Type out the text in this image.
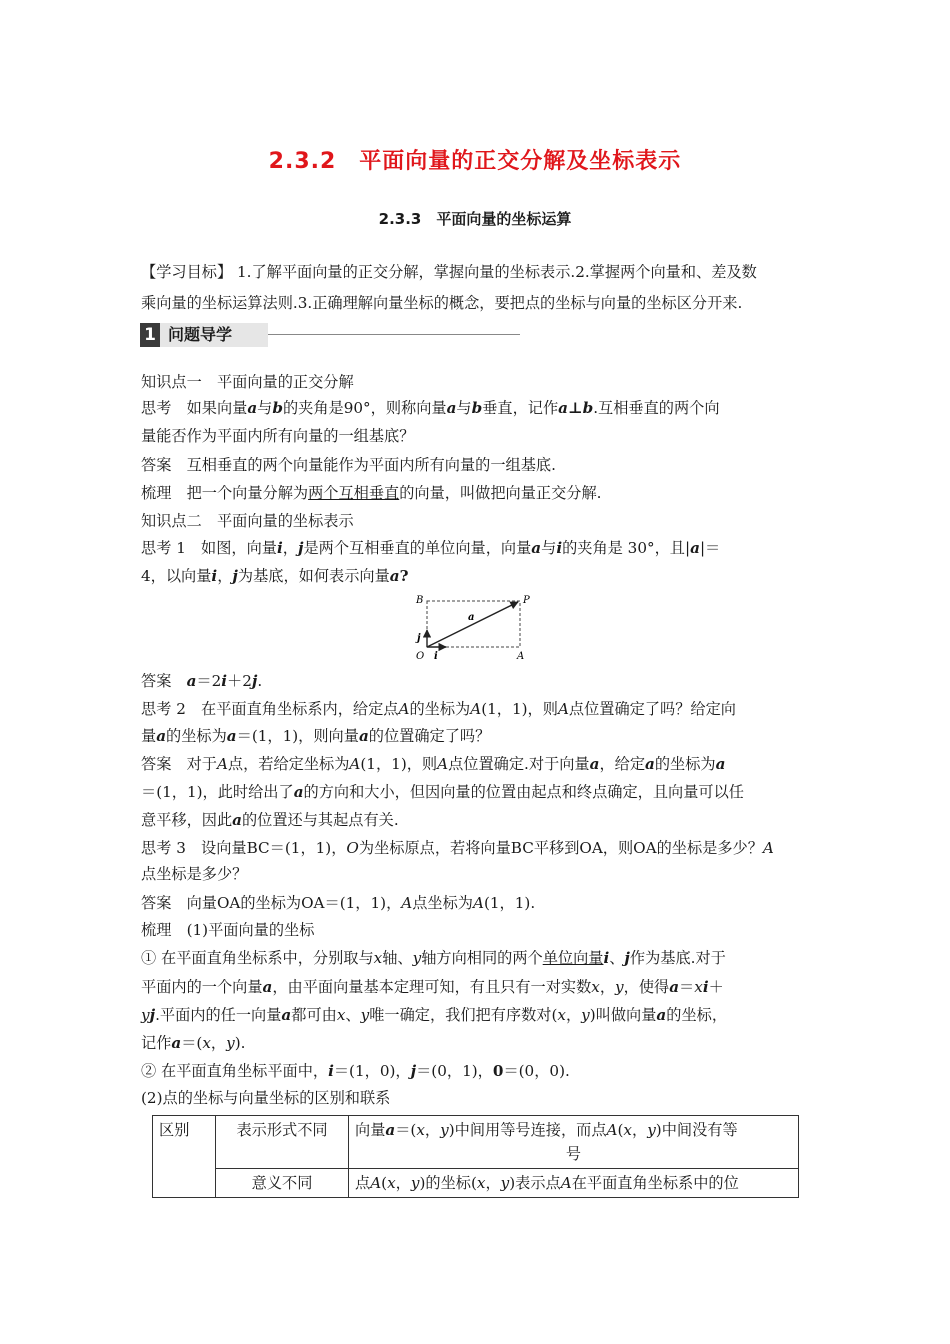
2.3.2　平面向量的正交分解及坐标表示
2.3.3　平面向量的坐标运算
【学习目标】 1.了解平面向量的正交分解，掌握向量的坐标表示.2.掌握两个向量和、差及数
乘向量的坐标运算法则.3.正确理解向量坐标的概念，要把点的坐标与向量的坐标区分开来.
1 问题导学
知识点一　平面向量的正交分解
思考　如果向量a与b的夹角是90°，则称向量a与b垂直，记作a⊥b.互相垂直的两个向
量能否作为平面内所有向量的一组基底？
答案　互相垂直的两个向量能作为平面内所有向量的一组基底.
梳理　把一个向量分解为两个互相垂直的向量，叫做把向量正交分解.
知识点二　平面向量的坐标表示
思考 1　如图，向量i，j是两个互相垂直的单位向量，向量a与i的夹角是 30°，且|a|＝
4，以向量i，j为基底，如何表示向量a?
B	P
a
j
O i	A
答案　a＝2i＋2j.
思考 2　在平面直角坐标系内，给定点A的坐标为A(1，1)，则A点位置确定了吗？给定向
量a的坐标为a＝(1，1)，则向量a的位置确定了吗？
答案　对于A点，若给定坐标为A(1，1)，则A点位置确定.对于向量a，给定a的坐标为a
＝(1，1)，此时给出了a的方向和大小，但因向量的位置由起点和终点确定，且向量可以任
意平移，因此a的位置还与其起点有关.
思考 3　设向量BC＝(1，1)，O为坐标原点，若将向量BC平移到OA，则OA的坐标是多少？A
点坐标是多少？
答案　向量OA的坐标为OA＝(1，1)，A点坐标为A(1，1).
梳理　(1)平面向量的坐标
① 在平面直角坐标系中，分别取与x轴、y轴方向相同的两个单位向量i、j作为基底.对于
平面内的一个向量a，由平面向量基本定理可知，有且只有一对实数x，y，使得a＝xi＋
yj.平面内的任一向量a都可由x、y唯一确定，我们把有序数对(x，y)叫做向量a的坐标，
记作a＝(x，y).
② 在平面直角坐标平面中，i＝(1，0)，j＝(0，1)，0＝(0，0).
(2)点的坐标与向量坐标的区别和联系
区别	表示形式不同	向量a＝(x，y)中间用等号连接，而点A(x，y)中间没有等

号

	意义不同	点A(x，y)的坐标(x，y)表示点A在平面直角坐标系中的位
